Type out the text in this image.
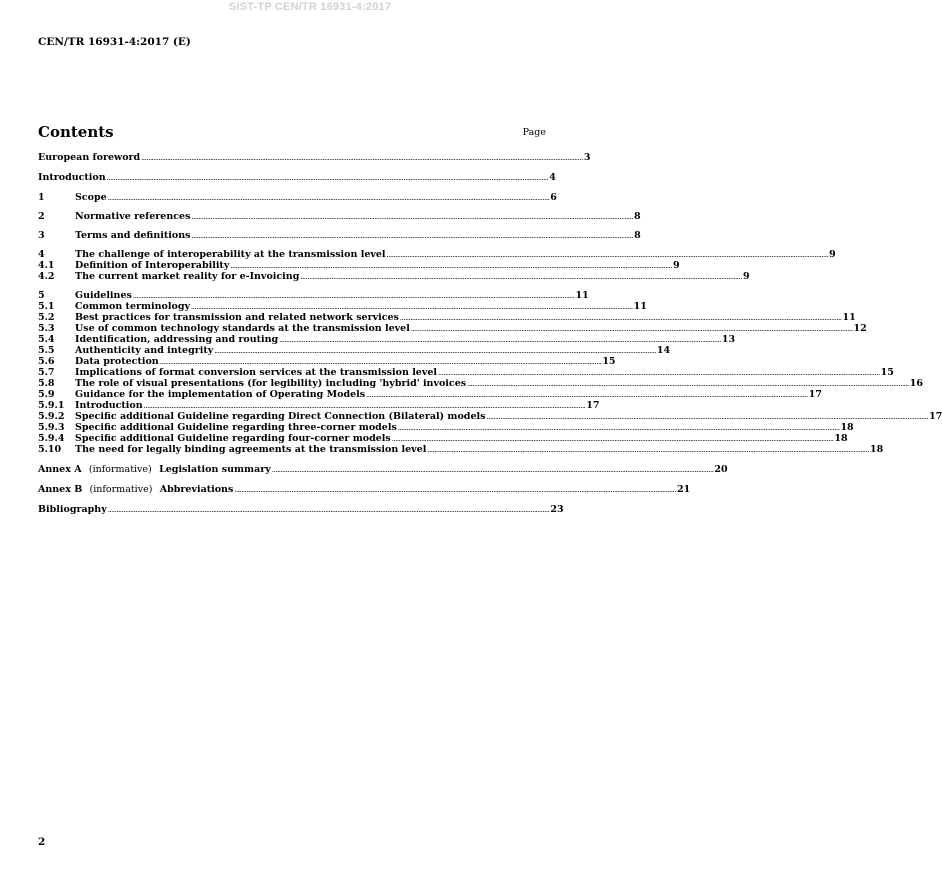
SIST-TP CEN/TR 16931-4:2017
CEN/TR 16931-4:2017 (E)
Contents	Page
European foreword .....	3
Introduction .....	4
1	Scope .....	6
2	Normative references .....	8
3	Terms and definitions .....	8
4	The challenge of interoperability at the transmission level .....	9
4.1	Definition of Interoperability .....	9
4.2	The current market reality for e-Invoicing .....	9
5	Guidelines .....	11
5.1	Common terminology .....	11
5.2	Best practices for transmission and related network services .....	11
5.3	Use of common technology standards at the transmission level .....	12
5.4	Identification, addressing and routing .....	13
5.5	Authenticity and integrity .....	14
5.6	Data protection .....	15
5.7	Implications of format conversion services at the transmission level .....	15
5.8	The role of visual presentations (for legibility) including 'hybrid' invoices .....	16
5.9	Guidance for the implementation of Operating Models .....	17
5.9.1	Introduction .....	17
5.9.2	Specific additional Guideline regarding Direct Connection (Bilateral) models .....	17
5.9.3	Specific additional Guideline regarding three-corner models .....	18
5.9.4	Specific additional Guideline regarding four-corner models .....	18
5.10	The need for legally binding agreements at the transmission level .....	18
Annex A (informative) Legislation summary .....	20
Annex B (informative) Abbreviations .....	21
Bibliography .....	23
2
